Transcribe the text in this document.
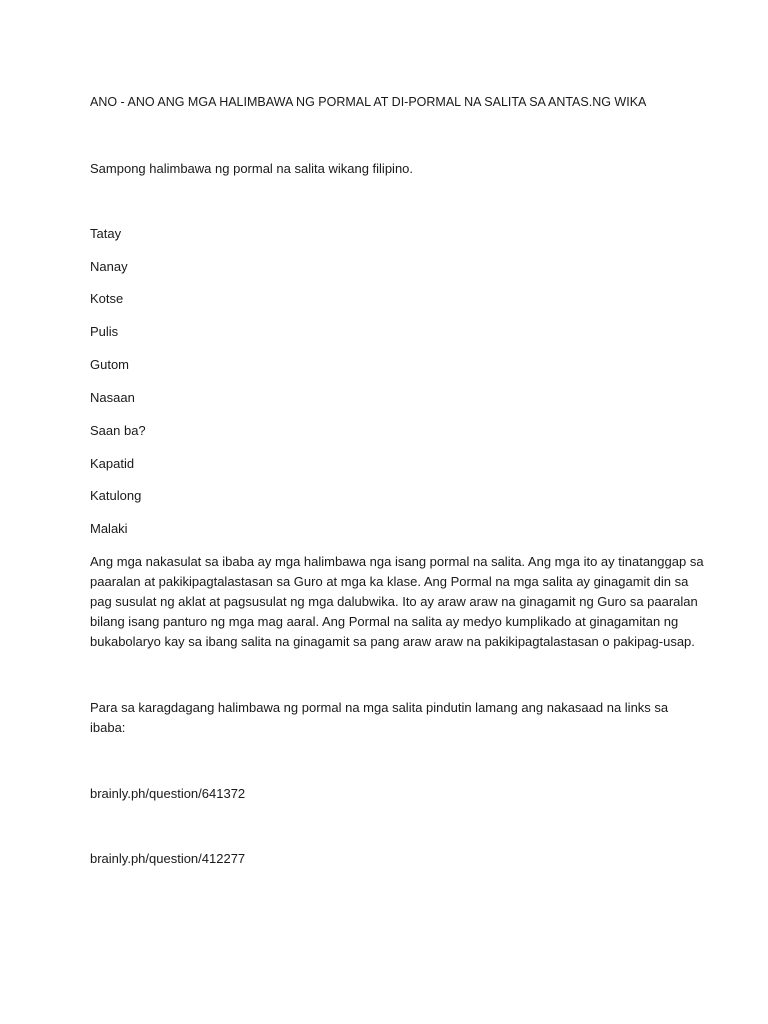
ANO - ANO ANG MGA HALIMBAWA NG PORMAL AT DI-PORMAL NA SALITA SA ANTAS.NG WIKA
Sampong halimbawa ng pormal na salita wikang filipino.
Tatay
Nanay
Kotse
Pulis
Gutom
Nasaan
Saan ba?
Kapatid
Katulong
Malaki
Ang mga nakasulat sa ibaba ay mga halimbawa nga isang pormal na salita. Ang mga ito ay tinatanggap sa
paaralan at pakikipagtalastasan sa Guro at mga ka klase. Ang Pormal na mga salita ay ginagamit din sa
pag susulat ng aklat at pagsusulat ng mga dalubwika. Ito ay araw araw na ginagamit ng Guro sa paaralan
bilang isang panturo ng mga mag aaral. Ang Pormal na salita ay medyo kumplikado at ginagamitan ng
bukabolaryo kay sa ibang salita na ginagamit sa pang araw araw na pakikipagtalastasan o pakipag-usap.
Para sa karagdagang halimbawa ng pormal na mga salita pindutin lamang ang nakasaad na links sa
ibaba:
brainly.ph/question/641372
brainly.ph/question/412277
